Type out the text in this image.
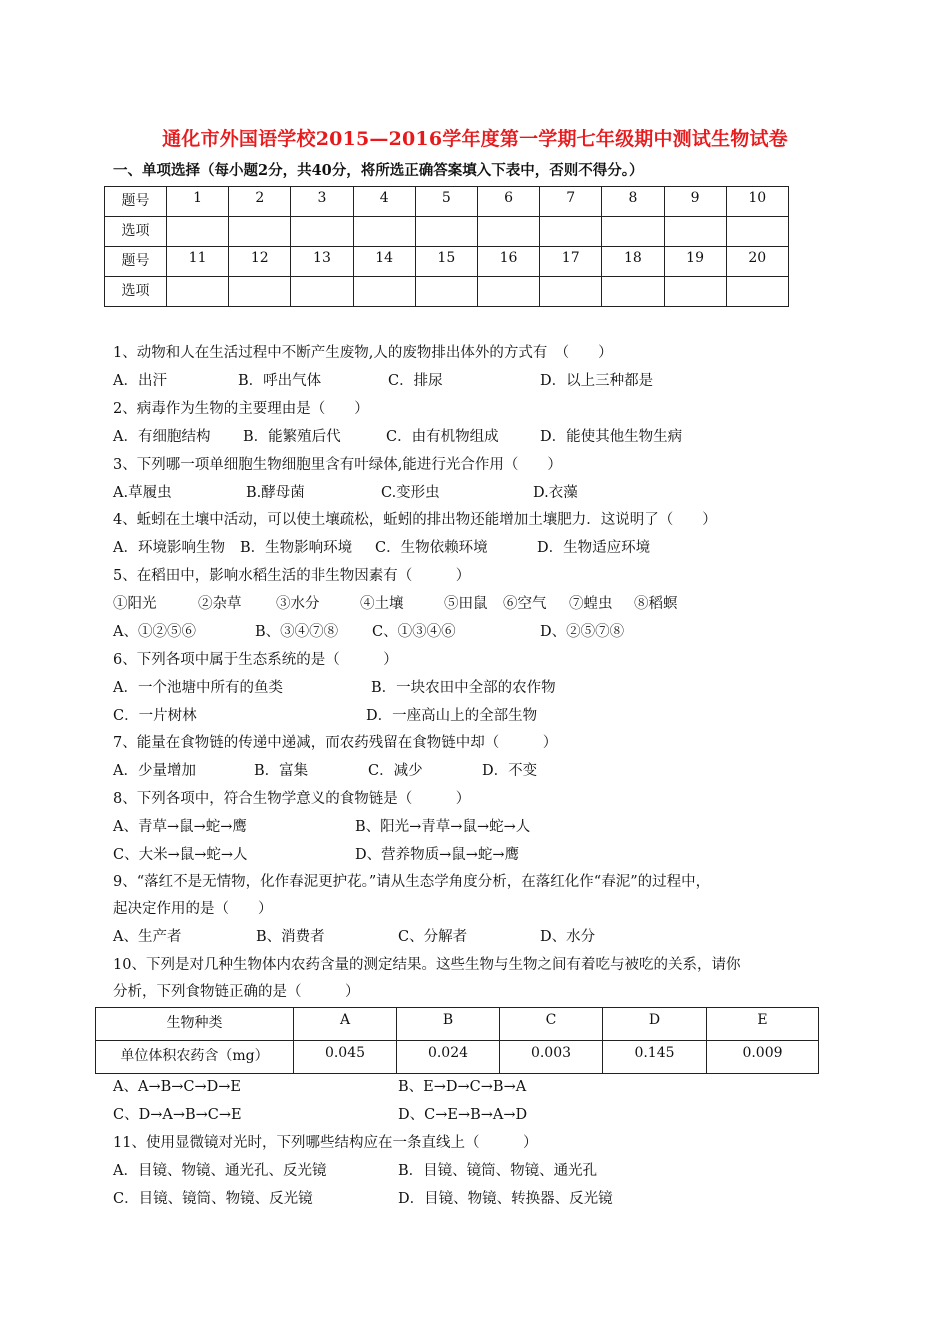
通化市外国语学校2015—2016学年度第一学期七年级期中测试生物试卷
一、单项选择（每小题2分，共40分，将所选正确答案填入下表中，否则不得分。）
题号	1	2	3	4	5	6	7	8	9	10
选项										
题号	11	12	13	14	15	16	17	18	19	20
选项										
1、动物和人在生活过程中不断产生废物,人的废物排出体外的方式有　（　　）
A．出汗	B．呼出气体	C．排尿	D．以上三种都是
2、病毒作为生物的主要理由是（　　）
A．有细胞结构 B．能繁殖后代	C．由有机物组成	D．能使其他生物生病
3、下列哪一项单细胞生物细胞里含有叶绿体,能进行光合作用（　　）
A.草履虫	B.酵母菌	C.变形虫	D.衣藻
4、蚯蚓在土壤中活动，可以使土壤疏松，蚯蚓的排出物还能增加土壤肥力．这说明了（　　）
A．环境影响生物 B．生物影响环境 C．生物依赖环境	D．生物适应环境
5、在稻田中，影响水稻生活的非生物因素有（　　　）
①阳光	②杂草 ③水分	④土壤	⑤田鼠 ⑥空气 ⑦蝗虫 ⑧稻螟
A、①②⑤⑥	B、③④⑦⑧ C、①③④⑥	D、②⑤⑦⑧
6、下列各项中属于生态系统的是（　　　）
A．一个池塘中所有的鱼类	B．一块农田中全部的农作物
C．一片树林	D．一座高山上的全部生物
7、能量在食物链的传递中递减，而农药残留在食物链中却（　　　）
A．少量增加	B．富集	C．减少	D．不变
8、下列各项中，符合生物学意义的食物链是（　　　）
A、青草→鼠→蛇→鹰	B、阳光→青草→鼠→蛇→人
C、大米→鼠→蛇→人	D、营养物质→鼠→蛇→鹰
9、“落红不是无情物，化作春泥更护花。”请从生态学角度分析，在落红化作“春泥”的过程中，
起决定作用的是（　　）
A、生产者	B、消费者	C、分解者	D、水分
10、下列是对几种生物体内农药含量的测定结果。这些生物与生物之间有着吃与被吃的关系，请你
分析，下列食物链正确的是（　　　）
生物种类	A	B	C	D	E
单位体积农药含（mg）	0.045	0.024	0.003	0.145	0.009
A、A→B→C→D→E	B、E→D→C→B→A
C、D→A→B→C→E	D、C→E→B→A→D
11、使用显微镜对光时，下列哪些结构应在一条直线上（　　　）
A．目镜、物镜、通光孔、反光镜	B．目镜、镜筒、物镜、通光孔
C．目镜、镜筒、物镜、反光镜	D．目镜、物镜、转换器、反光镜
